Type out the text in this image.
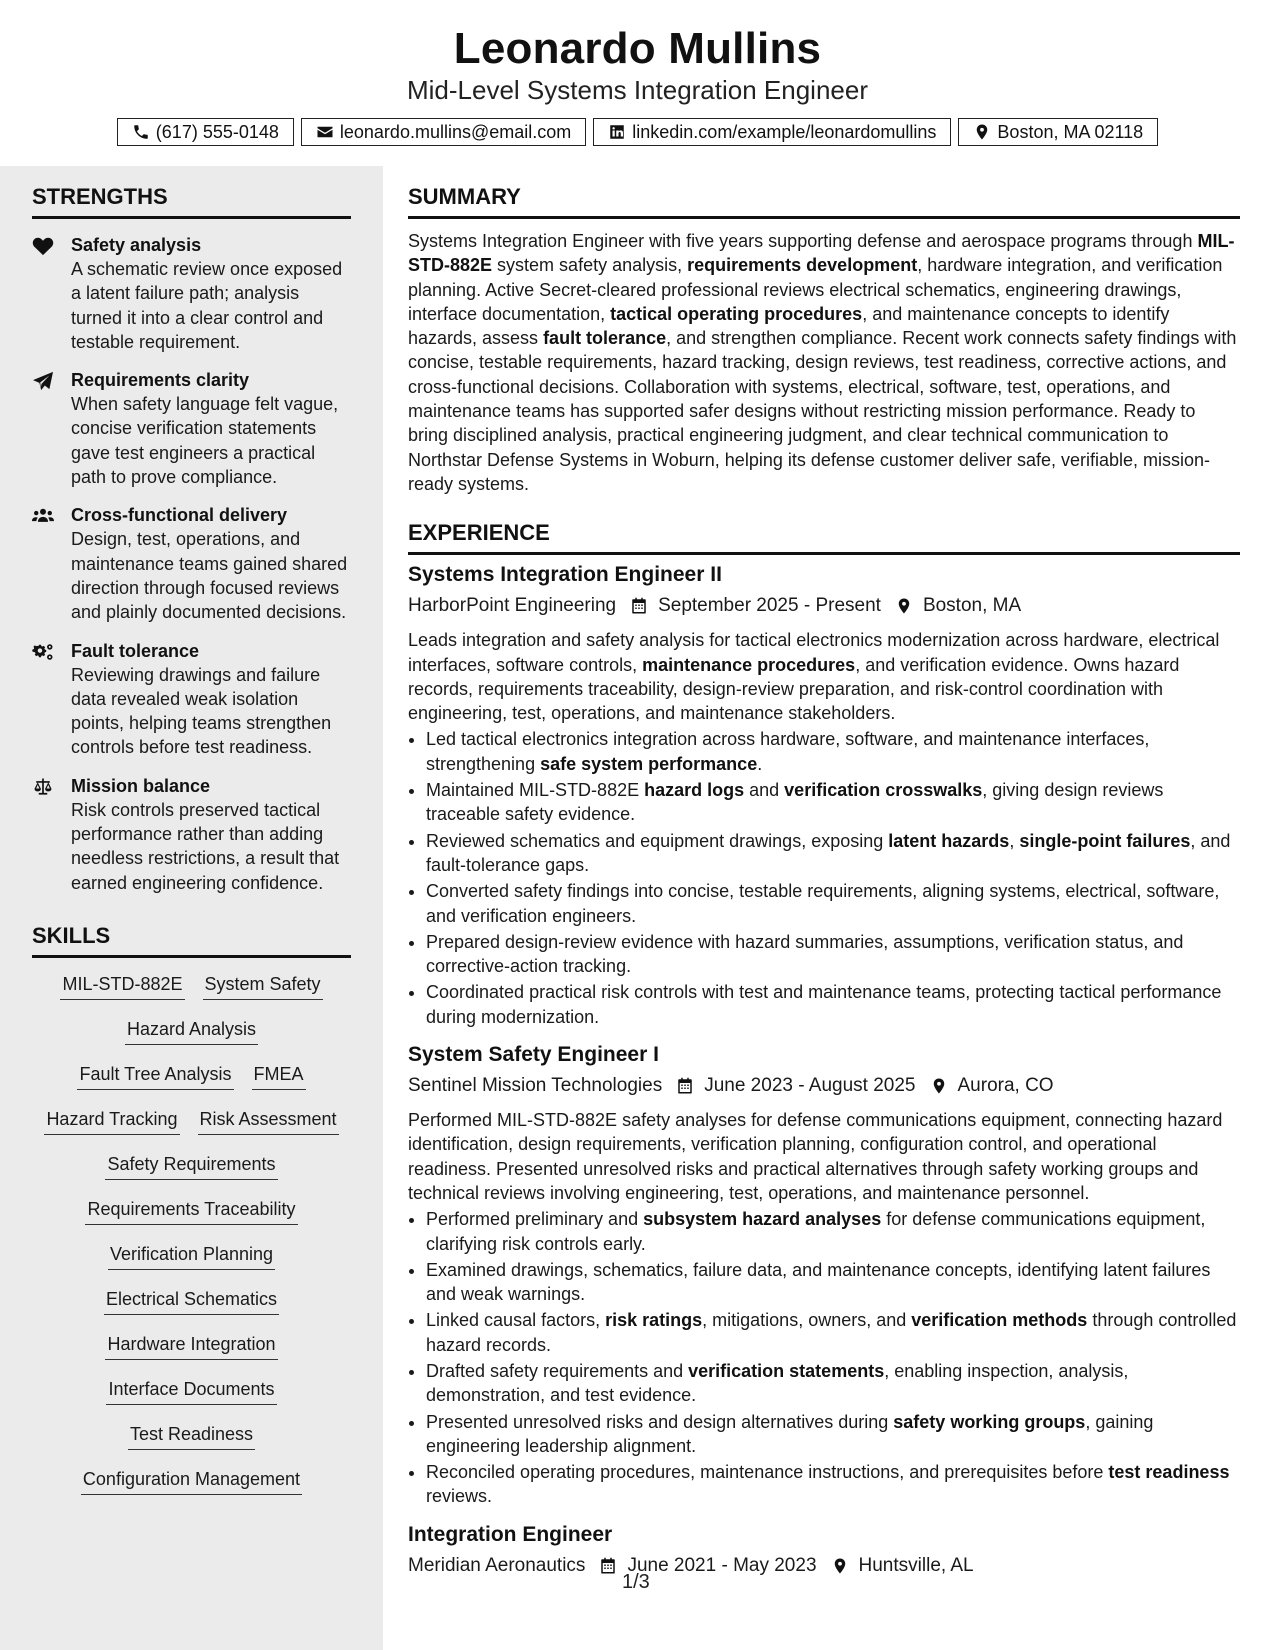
Leonardo Mullins
Mid-Level Systems Integration Engineer
(617) 555-0148	leonardo.mullins@email.com	linkedin.com/example/leonardomullins	Boston, MA 02118
STRENGTHS
Safety analysis
A schematic review once exposed a latent failure path; analysis turned it into a clear control and testable requirement.
Requirements clarity
When safety language felt vague, concise verification statements gave test engineers a practical path to prove compliance.
Cross-functional delivery
Design, test, operations, and maintenance teams gained shared direction through focused reviews and plainly documented decisions.
Fault tolerance
Reviewing drawings and failure data revealed weak isolation points, helping teams strengthen controls before test readiness.
Mission balance
Risk controls preserved tactical performance rather than adding needless restrictions, a result that earned engineering confidence.
SKILLS
MIL-STD-882E System Safety
Hazard Analysis
Fault Tree Analysis FMEA
Hazard Tracking Risk Assessment
Safety Requirements
Requirements Traceability
Verification Planning
Electrical Schematics
Hardware Integration
Interface Documents
Test Readiness
Configuration Management
SUMMARY
Systems Integration Engineer with five years supporting defense and aerospace programs through MIL-STD-882E system safety analysis, requirements development, hardware integration, and verification planning. Active Secret-cleared professional reviews electrical schematics, engineering drawings, interface documentation, tactical operating procedures, and maintenance concepts to identify hazards, assess fault tolerance, and strengthen compliance. Recent work connects safety findings with concise, testable requirements, hazard tracking, design reviews, test readiness, corrective actions, and cross-functional decisions. Collaboration with systems, electrical, software, test, operations, and maintenance teams has supported safer designs without restricting mission performance. Ready to bring disciplined analysis, practical engineering judgment, and clear technical communication to Northstar Defense Systems in Woburn, helping its defense customer deliver safe, verifiable, mission-ready systems.
EXPERIENCE
Systems Integration Engineer II
HarborPoint Engineering September 2025 - Present Boston, MA
Leads integration and safety analysis for tactical electronics modernization across hardware, electrical interfaces, software controls, maintenance procedures, and verification evidence. Owns hazard records, requirements traceability, design-review preparation, and risk-control coordination with engineering, test, operations, and maintenance stakeholders.
• Led tactical electronics integration across hardware, software, and maintenance interfaces, strengthening safe system performance.
• Maintained MIL-STD-882E hazard logs and verification crosswalks, giving design reviews traceable safety evidence.
• Reviewed schematics and equipment drawings, exposing latent hazards, single-point failures, and fault-tolerance gaps.
• Converted safety findings into concise, testable requirements, aligning systems, electrical, software, and verification engineers.
• Prepared design-review evidence with hazard summaries, assumptions, verification status, and corrective-action tracking.
• Coordinated practical risk controls with test and maintenance teams, protecting tactical performance during modernization.
System Safety Engineer I
Sentinel Mission Technologies June 2023 - August 2025 Aurora, CO
Performed MIL-STD-882E safety analyses for defense communications equipment, connecting hazard identification, design requirements, verification planning, configuration control, and operational readiness. Presented unresolved risks and practical alternatives through safety working groups and technical reviews involving engineering, test, operations, and maintenance personnel.
• Performed preliminary and subsystem hazard analyses for defense communications equipment, clarifying risk controls early.
• Examined drawings, schematics, failure data, and maintenance concepts, identifying latent failures and weak warnings.
• Linked causal factors, risk ratings, mitigations, owners, and verification methods through controlled hazard records.
• Drafted safety requirements and verification statements, enabling inspection, analysis, demonstration, and test evidence.
• Presented unresolved risks and design alternatives during safety working groups, gaining engineering leadership alignment.
• Reconciled operating procedures, maintenance instructions, and prerequisites before test readiness reviews.
Integration Engineer
Meridian Aeronautics June 2021 - May 2023 Huntsville, AL
1/3
